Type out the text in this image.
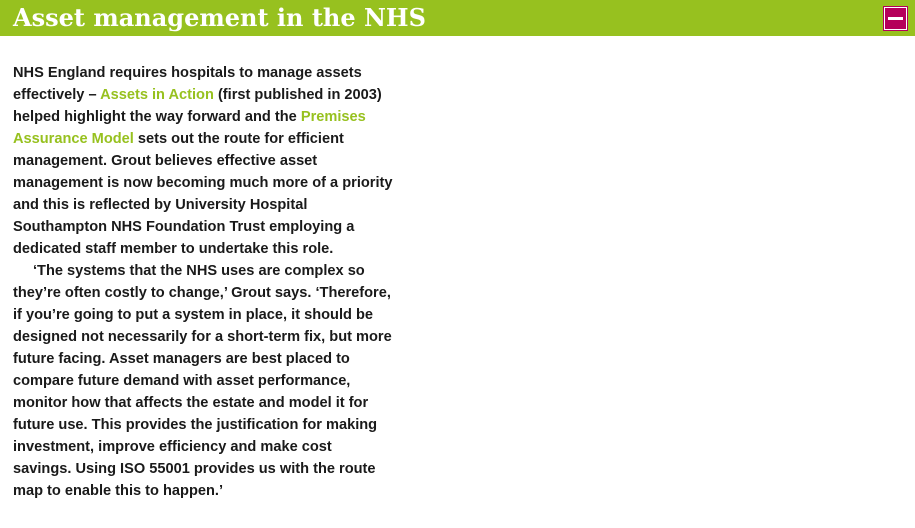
Asset management in the NHS

NHS England requires hospitals to manage assets effectively – Assets in Action (first published in 2003) helped highlight the way forward and the Premises Assurance Model sets out the route for efficient management. Grout believes effective asset management is now becoming much more of a priority and this is reflected by University Hospital Southampton NHS Foundation Trust employing a dedicated staff member to undertake this role.

‘The systems that the NHS uses are complex so they’re often costly to change,’ Grout says. ‘Therefore, if you’re going to put a system in place, it should be designed not necessarily for a short-term fix, but more future facing. Asset managers are best placed to compare future demand with asset performance, monitor how that affects the estate and model it for future use. This provides the justification for making investment, improve efficiency and make cost savings. Using ISO 55001 provides us with the route map to enable this to happen.’
